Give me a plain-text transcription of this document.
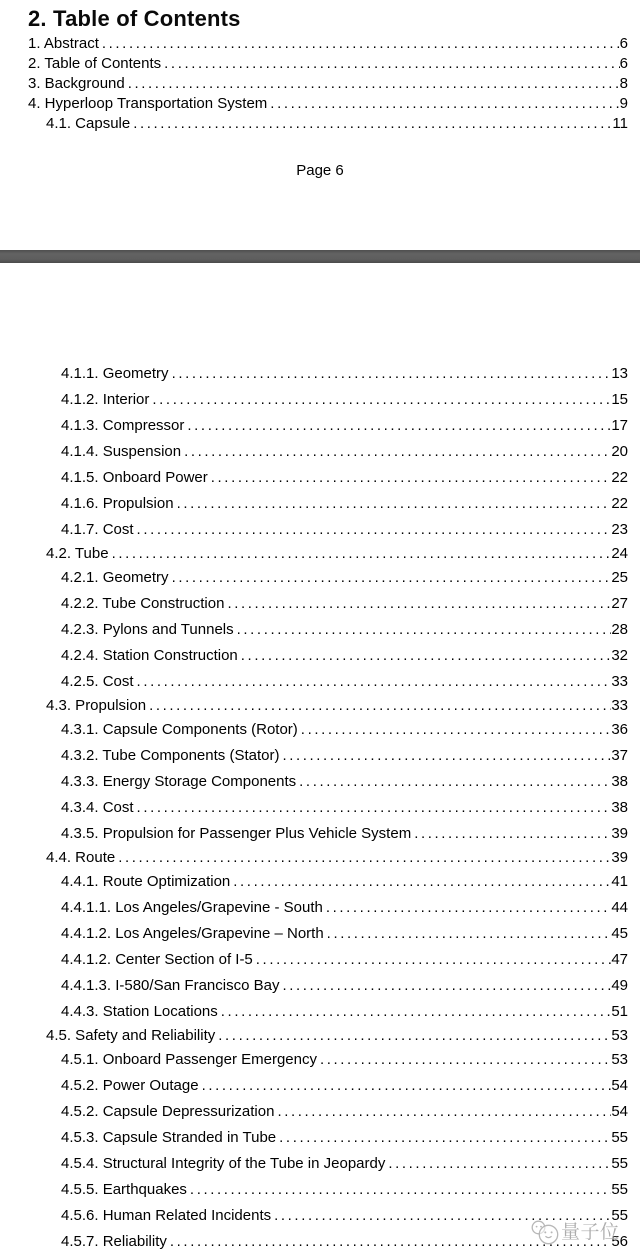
2. Table of Contents
1. Abstract .....	6
2. Table of Contents .....	6
3. Background .....	8
4. Hyperloop Transportation System .....	9
4.1. Capsule .....	11
Page 6
4.1.1. Geometry .....	13
4.1.2. Interior .....	15
4.1.3. Compressor .....	17
4.1.4. Suspension .....	20
4.1.5. Onboard Power .....	22
4.1.6. Propulsion .....	22
4.1.7. Cost .....	23
4.2. Tube .....	24
4.2.1. Geometry .....	25
4.2.2. Tube Construction .....	27
4.2.3. Pylons and Tunnels .....	28
4.2.4. Station Construction .....	32
4.2.5. Cost .....	33
4.3. Propulsion .....	33
4.3.1. Capsule Components (Rotor) .....	36
4.3.2. Tube Components (Stator) .....	37
4.3.3. Energy Storage Components .....	38
4.3.4. Cost .....	38
4.3.5. Propulsion for Passenger Plus Vehicle System .....	39
4.4. Route .....	39
4.4.1. Route Optimization .....	41
4.4.1.1. Los Angeles/Grapevine - South .....	44
4.4.1.2. Los Angeles/Grapevine – North .....	45
4.4.1.2. Center Section of I-5 .....	47
4.4.1.3. I-580/San Francisco Bay .....	49
4.4.3. Station Locations .....	51
4.5. Safety and Reliability .....	53
4.5.1. Onboard Passenger Emergency .....	53
4.5.2. Power Outage .....	54
4.5.2. Capsule Depressurization .....	54
4.5.3. Capsule Stranded in Tube .....	55
4.5.4. Structural Integrity of the Tube in Jeopardy .....	55
4.5.5. Earthquakes .....	55
4.5.6. Human Related Incidents .....	55
4.5.7. Reliability .....	56
量子位
